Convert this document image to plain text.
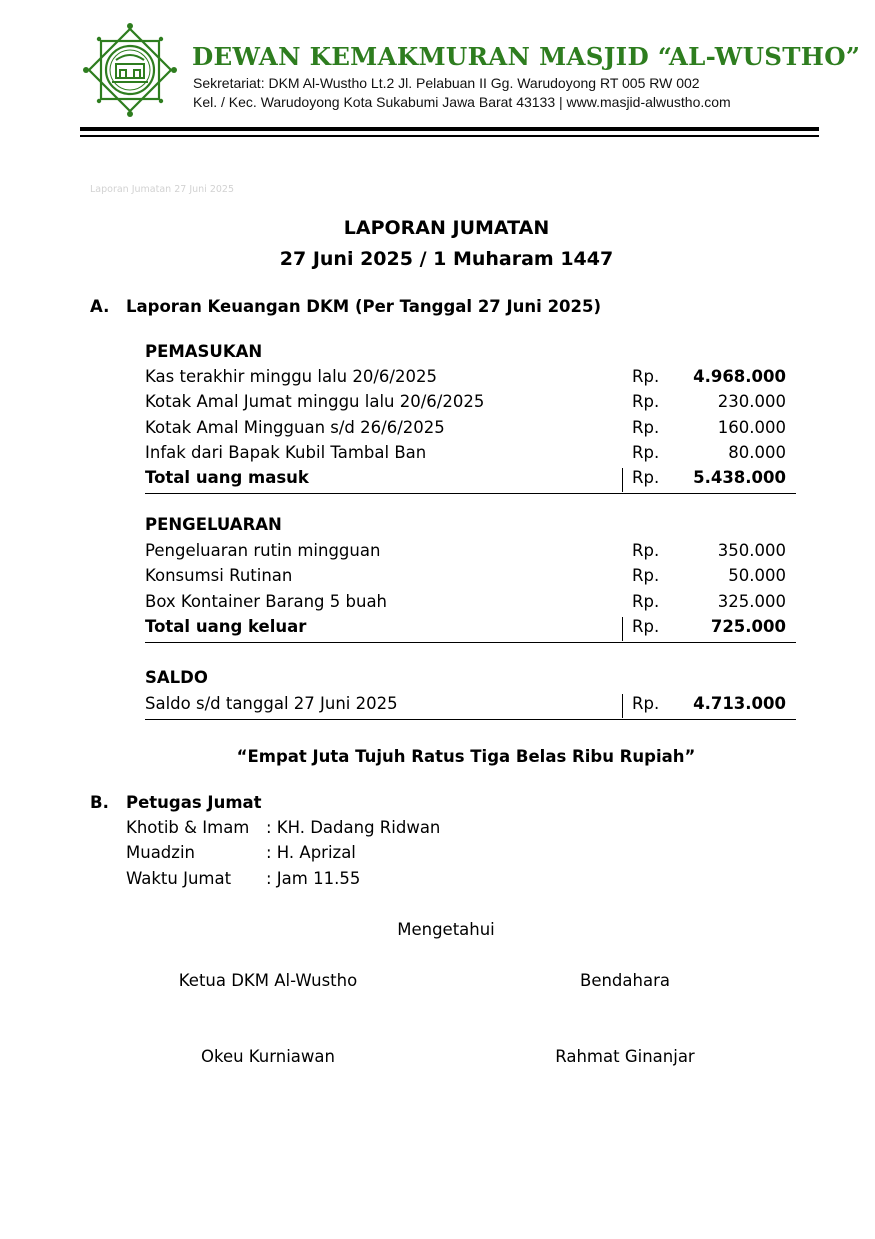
DEWAN KEMAKMURAN MASJID “AL-WUSTHO”
Sekretariat: DKM Al-Wustho Lt.2 Jl. Pelabuan II Gg. Warudoyong RT 005 RW 002
Kel. / Kec. Warudoyong Kota Sukabumi Jawa Barat 43133 | www.masjid-alwustho.com
Laporan Jumatan 27 Juni 2025
LAPORAN JUMATAN
27 Juni 2025 / 1 Muharam 1447
A. Laporan Keuangan DKM (Per Tanggal 27 Juni 2025)
PEMASUKAN
Kas terakhir minggu lalu 20/6/2025	Rp. 4.968.000
Kotak Amal Jumat minggu lalu 20/6/2025	Rp.	230.000
Kotak Amal Mingguan s/d 26/6/2025	Rp.	160.000
Infak dari Bapak Kubil Tambal Ban	Rp.	80.000
Total uang masuk	Rp. 5.438.000
PENGELUARAN
Pengeluaran rutin mingguan	Rp.	350.000
Konsumsi Rutinan	Rp.	50.000
Box Kontainer Barang 5 buah	Rp.	325.000
Total uang keluar	Rp.	725.000
SALDO
Saldo s/d tanggal 27 Juni 2025	Rp. 4.713.000
“Empat Juta Tujuh Ratus Tiga Belas Ribu Rupiah”
B. Petugas Jumat
Khotib & Imam : KH. Dadang Ridwan
Muadzin	: H. Aprizal
Waktu Jumat : Jam 11.55
Mengetahui
Ketua DKM Al-Wustho	Bendahara
Okeu Kurniawan	Rahmat Ginanjar
